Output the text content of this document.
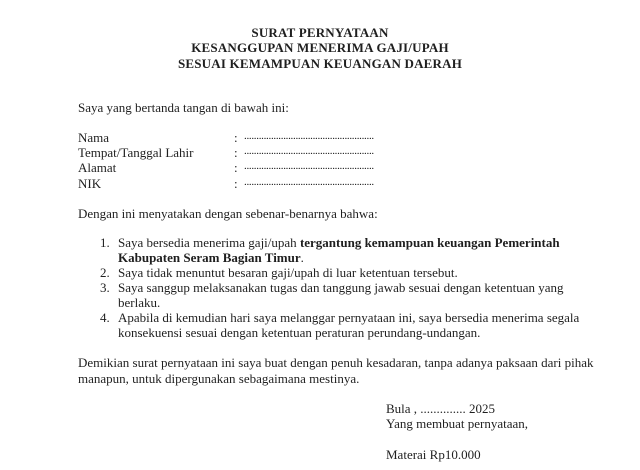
SURAT PERNYATAAN
KESANGGUPAN MENERIMA GAJI/UPAH
SESUAI KEMAMPUAN KEUANGAN DAERAH
Saya yang bertanda tangan di bawah ini:
Nama	: .....................................................
Tempat/Tanggal Lahir	: .....................................................
Alamat	: .....................................................
NIK	: .....................................................
Dengan ini menyatakan dengan sebenar-benarnya bahwa:
1. Saya bersedia menerima gaji/upah tergantung kemampuan keuangan Pemerintah Kabupaten Seram Bagian Timur.
2. Saya tidak menuntut besaran gaji/upah di luar ketentuan tersebut.
3. Saya sanggup melaksanakan tugas dan tanggung jawab sesuai dengan ketentuan yang berlaku.
4. Apabila di kemudian hari saya melanggar pernyataan ini, saya bersedia menerima segala konsekuensi sesuai dengan ketentuan peraturan perundang-undangan.
Demikian surat pernyataan ini saya buat dengan penuh kesadaran, tanpa adanya paksaan dari pihak manapun, untuk dipergunakan sebagaimana mestinya.
Bula , .............. 2025
Yang membuat pernyataan,
Materai Rp10.000
